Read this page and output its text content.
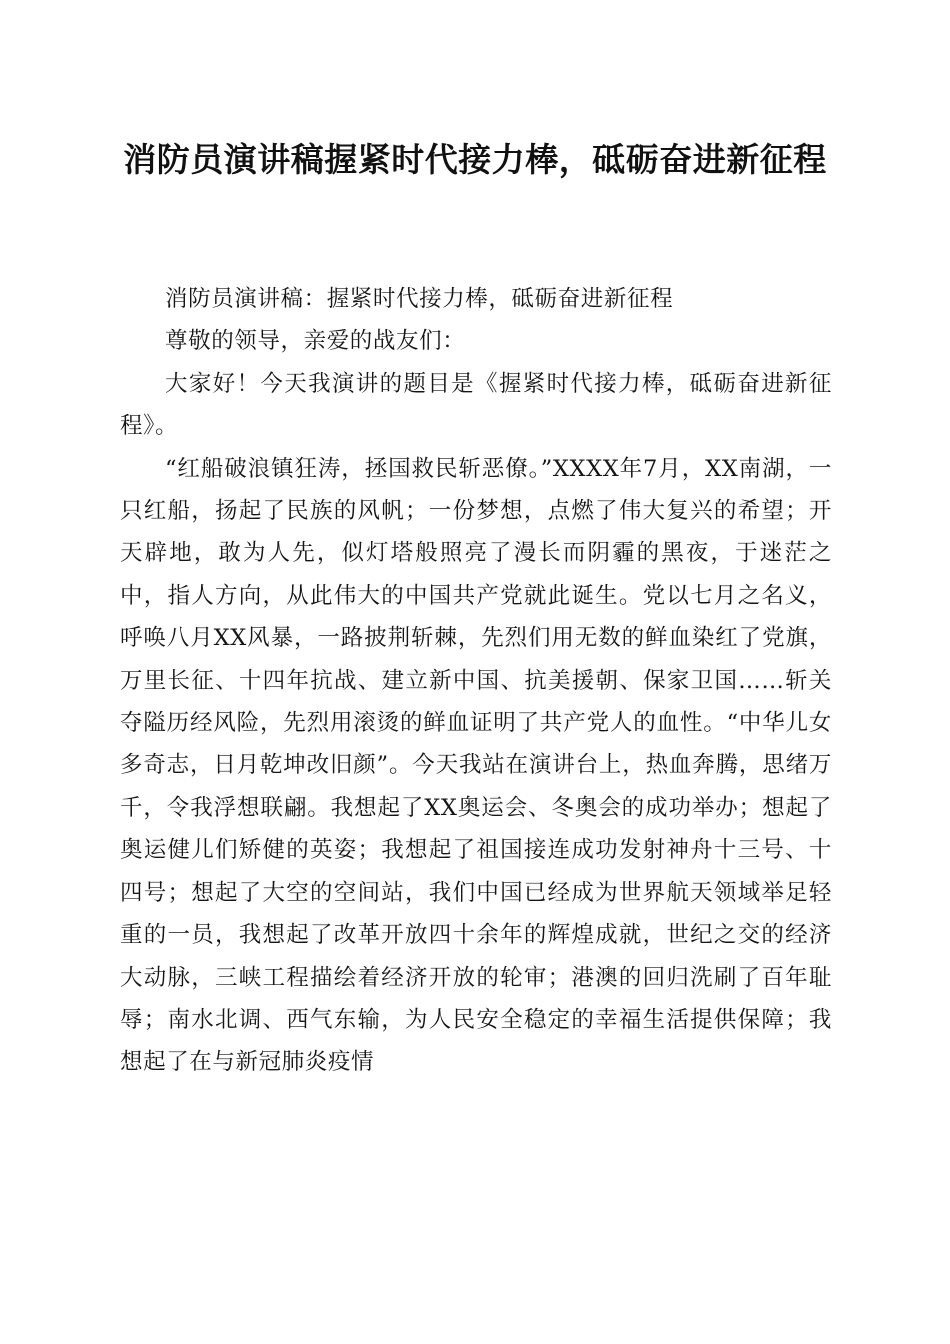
消防员演讲稿握紧时代接力棒，砥砺奋进新征程

消防员演讲稿：握紧时代接力棒，砥砺奋进新征程

尊敬的领导，亲爱的战友们：

大家好！今天我演讲的题目是《握紧时代接力棒，砥砺奋进新征程》。

“红船破浪镇狂涛，拯国救民斩恶僚。”XXXX年7月，XX南湖，一只红船，扬起了民族的风帆；一份梦想，点燃了伟大复兴的希望；开天辟地，敢为人先，似灯塔般照亮了漫长而阴霾的黑夜，于迷茫之中，指人方向，从此伟大的中国共产党就此诞生。党以七月之名义，呼唤八月XX风暴，一路披荆斩棘，先烈们用无数的鲜血染红了党旗，万里长征、十四年抗战、建立新中国、抗美援朝、保家卫国……斩关夺隘历经风险，先烈用滚烫的鲜血证明了共产党人的血性。“中华儿女多奇志，日月乾坤改旧颜”。今天我站在演讲台上，热血奔腾，思绪万千，令我浮想联翩。我想起了XX奥运会、冬奥会的成功举办；想起了奥运健儿们矫健的英姿；我想起了祖国接连成功发射神舟十三号、十四号；想起了大空的空间站，我们中国已经成为世界航天领域举足轻重的一员，我想起了改革开放四十余年的辉煌成就，世纪之交的经济大动脉，三峡工程描绘着经济开放的轮审；港澳的回归洗刷了百年耻辱；南水北调、西气东输，为人民安全稳定的幸福生活提供保障；我想起了在与新冠肺炎疫情
